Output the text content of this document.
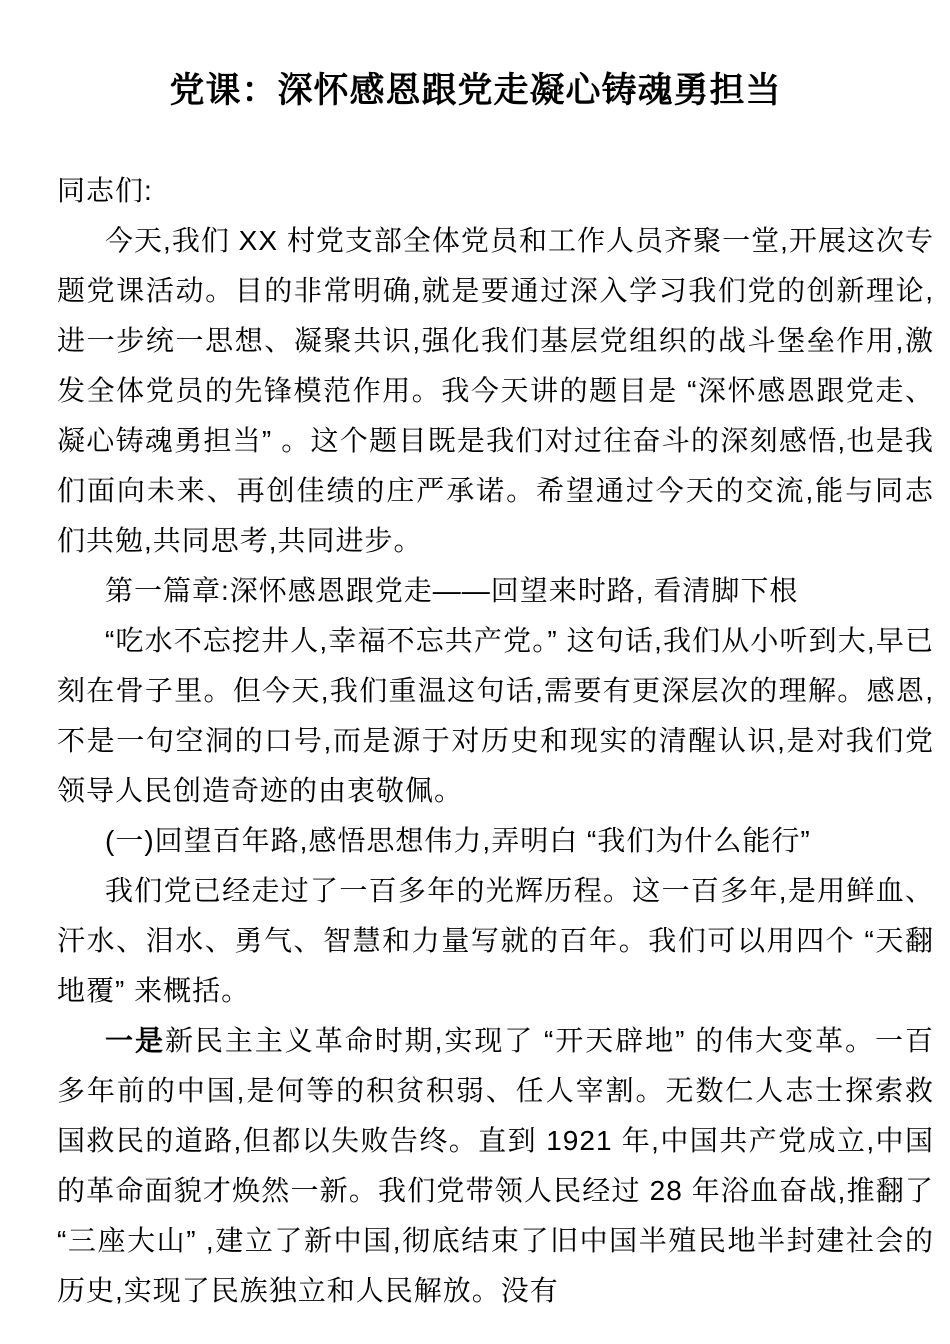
党课：深怀感恩跟党走凝心铸魂勇担当

同志们:

今天,我们 XX 村党支部全体党员和工作人员齐聚一堂,开展这次专题党课活动。目的非常明确,就是要通过深入学习我们党的创新理论,进一步统一思想、凝聚共识,强化我们基层党组织的战斗堡垒作用,激发全体党员的先锋模范作用。我今天讲的题目是 “深怀感恩跟党走、凝心铸魂勇担当” 。这个题目既是我们对过往奋斗的深刻感悟,也是我们面向未来、再创佳绩的庄严承诺。希望通过今天的交流,能与同志们共勉,共同思考,共同进步。

第一篇章:深怀感恩跟党走——回望来时路, 看清脚下根

“吃水不忘挖井人,幸福不忘共产党。” 这句话,我们从小听到大,早已刻在骨子里。但今天,我们重温这句话,需要有更深层次的理解。感恩,不是一句空洞的口号,而是源于对历史和现实的清醒认识,是对我们党领导人民创造奇迹的由衷敬佩。

(一)回望百年路,感悟思想伟力,弄明白 “我们为什么能行”

我们党已经走过了一百多年的光辉历程。这一百多年,是用鲜血、汗水、泪水、勇气、智慧和力量写就的百年。我们可以用四个 “天翻地覆” 来概括。

一是新民主主义革命时期,实现了 “开天辟地” 的伟大变革。一百多年前的中国,是何等的积贫积弱、任人宰割。无数仁人志士探索救国救民的道路,但都以失败告终。直到 1921 年,中国共产党成立,中国的革命面貌才焕然一新。我们党带领人民经过 28 年浴血奋战,推翻了 “三座大山” ,建立了新中国,彻底结束了旧中国半殖民地半封建社会的历史,实现了民族独立和人民解放。没有
